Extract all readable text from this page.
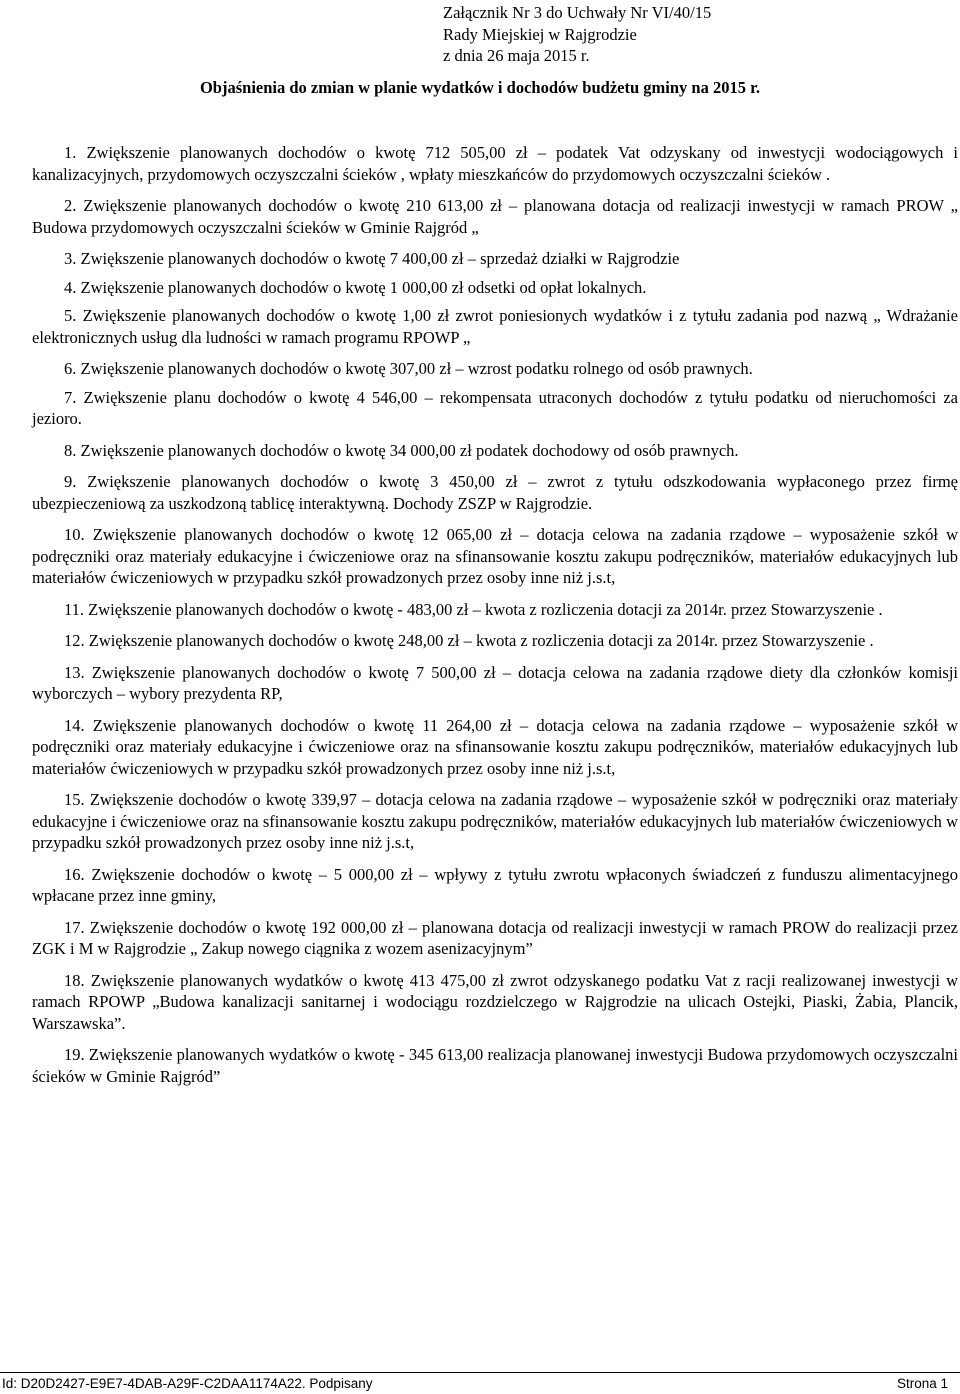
Załącznik Nr 3 do Uchwały Nr VI/40/15
Rady Miejskiej w Rajgrodzie
z dnia 26 maja 2015 r.
Objaśnienia do zmian w planie wydatków i dochodów budżetu gminy na 2015 r.

1. Zwiększenie planowanych dochodów o kwotę 712 505,00 zł – podatek Vat odzyskany od inwestycji wodociągowych i kanalizacyjnych, przydomowych oczyszczalni ścieków , wpłaty mieszkańców do przydomowych oczyszczalni ścieków .

2. Zwiększenie planowanych dochodów o kwotę 210 613,00 zł – planowana dotacja od realizacji inwestycji w ramach PROW „ Budowa przydomowych oczyszczalni ścieków w Gminie Rajgród „

3. Zwiększenie planowanych dochodów o kwotę 7 400,00 zł – sprzedaż działki w Rajgrodzie

4. Zwiększenie planowanych dochodów o kwotę 1 000,00 zł odsetki od opłat lokalnych.

5. Zwiększenie planowanych dochodów o kwotę 1,00 zł zwrot poniesionych wydatków i z tytułu zadania pod nazwą „ Wdrażanie elektronicznych usług dla ludności w ramach programu RPOWP „

6. Zwiększenie planowanych dochodów o kwotę 307,00 zł – wzrost podatku rolnego od osób prawnych.

7. Zwiększenie planu dochodów o kwotę 4 546,00 – rekompensata utraconych dochodów z tytułu podatku od nieruchomości za jezioro.

8. Zwiększenie planowanych dochodów o kwotę 34 000,00 zł podatek dochodowy od osób prawnych.

9. Zwiększenie planowanych dochodów o kwotę 3 450,00 zł – zwrot z tytułu odszkodowania wypłaconego przez firmę ubezpieczeniową za uszkodzoną tablicę interaktywną. Dochody ZSZP w Rajgrodzie.

10. Zwiększenie planowanych dochodów o kwotę 12 065,00 zł – dotacja celowa na zadania rządowe – wyposażenie szkół w podręczniki oraz materiały edukacyjne i ćwiczeniowe oraz na sfinansowanie kosztu zakupu podręczników, materiałów edukacyjnych lub materiałów ćwiczeniowych w przypadku szkół prowadzonych przez osoby inne niż j.s.t,

11. Zwiększenie planowanych dochodów o kwotę - 483,00 zł – kwota z rozliczenia dotacji za 2014r. przez Stowarzyszenie .

12. Zwiększenie planowanych dochodów o kwotę 248,00 zł – kwota z rozliczenia dotacji za 2014r. przez Stowarzyszenie .

13. Zwiększenie planowanych dochodów o kwotę 7 500,00 zł – dotacja celowa na zadania rządowe diety dla członków komisji wyborczych – wybory prezydenta RP,

14. Zwiększenie planowanych dochodów o kwotę 11 264,00 zł – dotacja celowa na zadania rządowe – wyposażenie szkół w podręczniki oraz materiały edukacyjne i ćwiczeniowe oraz na sfinansowanie kosztu zakupu podręczników, materiałów edukacyjnych lub materiałów ćwiczeniowych w przypadku szkół prowadzonych przez osoby inne niż j.s.t,

15. Zwiększenie dochodów o kwotę 339,97 – dotacja celowa na zadania rządowe – wyposażenie szkół w podręczniki oraz materiały edukacyjne i ćwiczeniowe oraz na sfinansowanie kosztu zakupu podręczników, materiałów edukacyjnych lub materiałów ćwiczeniowych w przypadku szkół prowadzonych przez osoby inne niż j.s.t,

16. Zwiększenie dochodów o kwotę – 5 000,00 zł – wpływy z tytułu zwrotu wpłaconych świadczeń z funduszu alimentacyjnego wpłacane przez inne gminy,

17. Zwiększenie dochodów o kwotę 192 000,00 zł – planowana dotacja od realizacji inwestycji w ramach PROW do realizacji przez ZGK i M w Rajgrodzie „ Zakup nowego ciągnika z wozem asenizacyjnym”

18. Zwiększenie planowanych wydatków o kwotę 413 475,00 zł zwrot odzyskanego podatku Vat z racji realizowanej inwestycji w ramach RPOWP „Budowa kanalizacji sanitarnej i wodociągu rozdzielczego w Rajgrodzie na ulicach Ostejki, Piaski, Żabia, Plancik, Warszawska”.

19. Zwiększenie planowanych wydatków o kwotę - 345 613,00 realizacja planowanej inwestycji Budowa przydomowych oczyszczalni ścieków w Gminie Rajgród”

Id: D20D2427-E9E7-4DAB-A29F-C2DAA1174A22. Podpisany	Strona 1
